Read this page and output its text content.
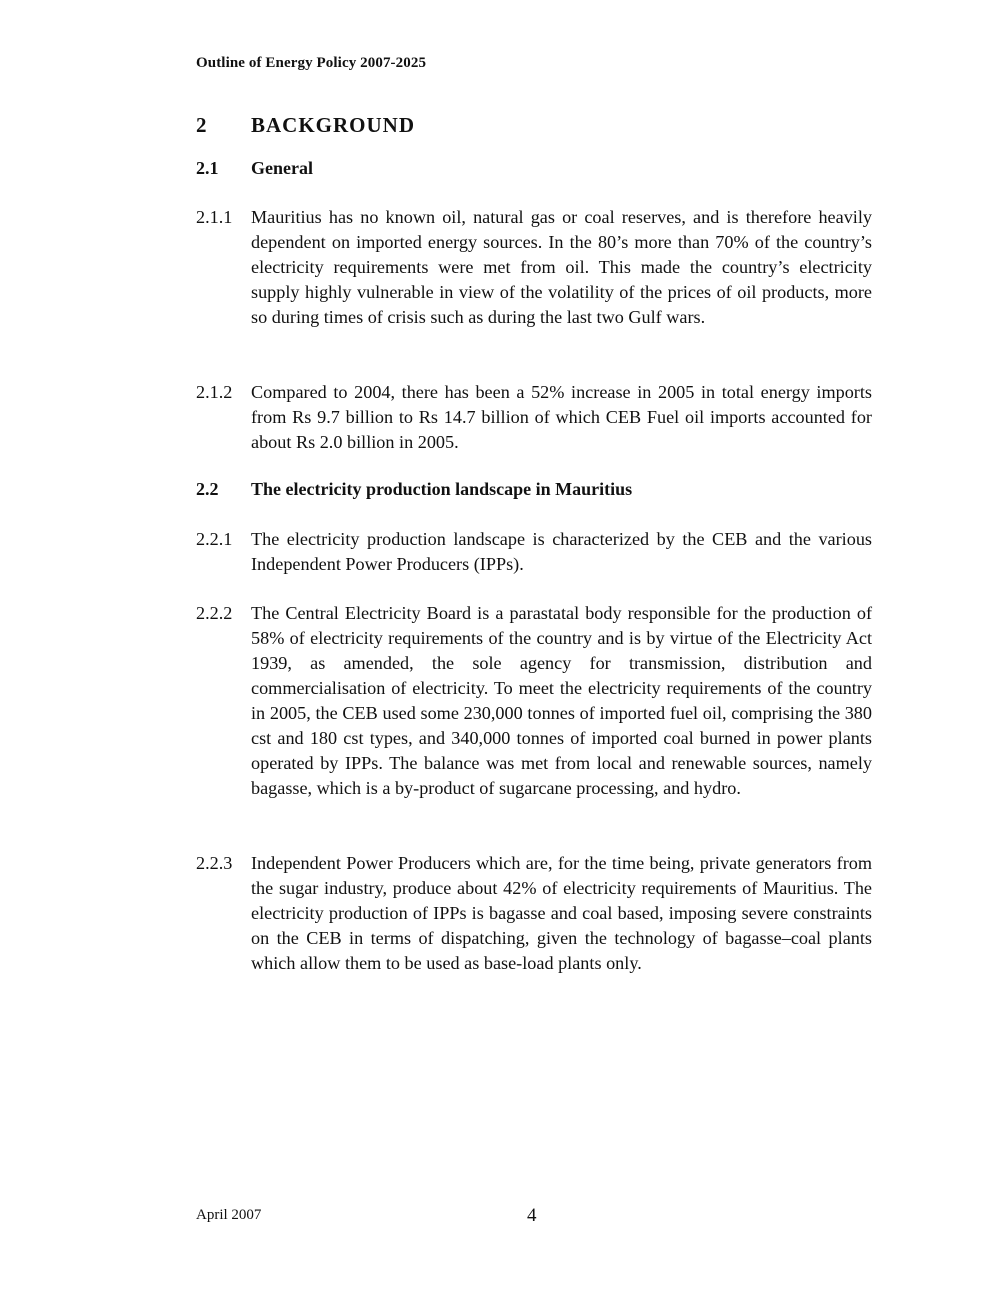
Outline of Energy Policy 2007-2025
2 BACKGROUND
2.1 General
2.1.1 Mauritius has no known oil, natural gas or coal reserves, and is therefore heavily dependent on imported energy sources. In the 80’s more than 70% of the country’s electricity requirements were met from oil. This made the country’s electricity supply highly vulnerable in view of the volatility of the prices of oil products, more so during times of crisis such as during the last two Gulf wars.
2.1.2 Compared to 2004, there has been a 52% increase in 2005 in total energy imports from Rs 9.7 billion to Rs 14.7 billion of which CEB Fuel oil imports accounted for about Rs 2.0 billion in 2005.
2.2 The electricity production landscape in Mauritius
2.2.1 The electricity production landscape is characterized by the CEB and the various Independent Power Producers (IPPs).
2.2.2 The Central Electricity Board is a parastatal body responsible for the production of 58% of electricity requirements of the country and is by virtue of the Electricity Act 1939, as amended, the sole agency for transmission, distribution and commercialisation of electricity. To meet the electricity requirements of the country in 2005, the CEB used some 230,000 tonnes of imported fuel oil, comprising the 380 cst and 180 cst types, and 340,000 tonnes of imported coal burned in power plants operated by IPPs. The balance was met from local and renewable sources, namely bagasse, which is a by-product of sugarcane processing, and hydro.
2.2.3 Independent Power Producers which are, for the time being, private generators from the sugar industry, produce about 42% of electricity requirements of Mauritius. The electricity production of IPPs is bagasse and coal based, imposing severe constraints on the CEB in terms of dispatching, given the technology of bagasse–coal plants which allow them to be used as base-load plants only.
April 2007	4
